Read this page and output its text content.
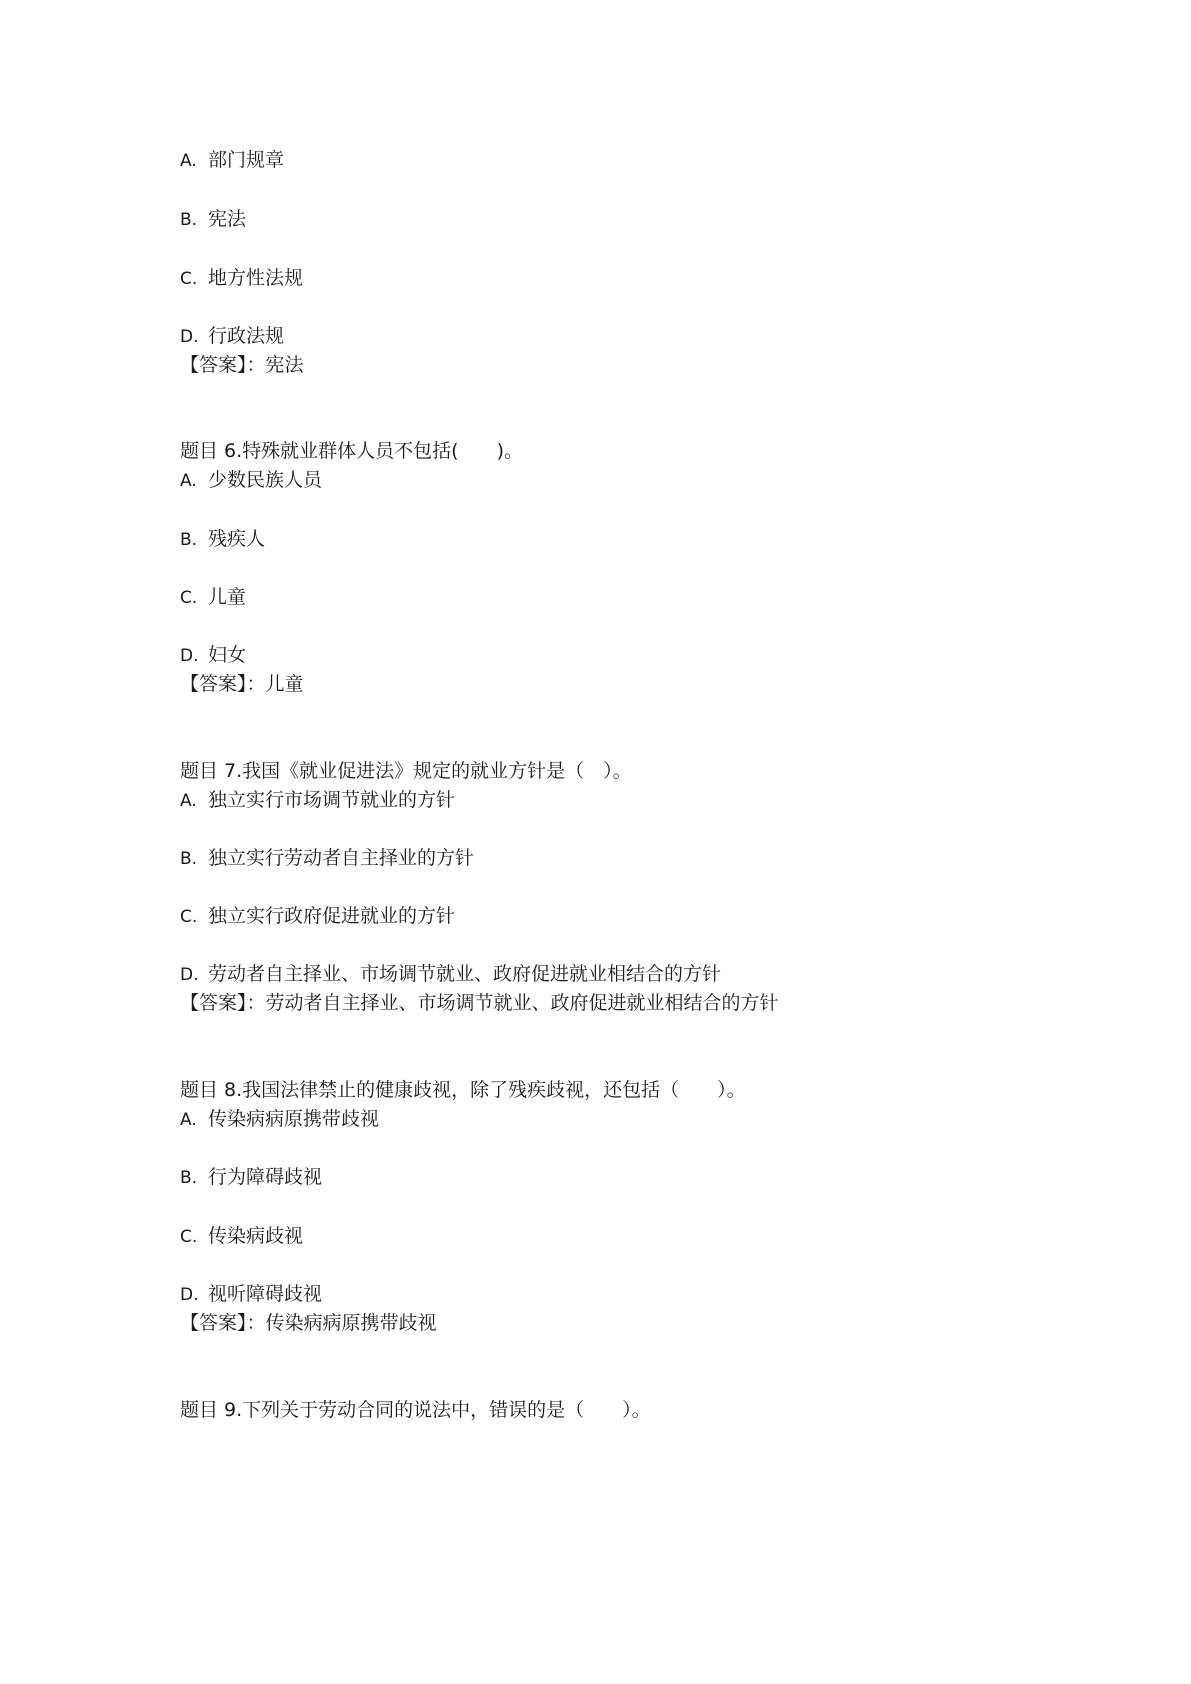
A. 部门规章
B. 宪法
C. 地方性法规
D. 行政法规
【答案】：宪法
题目 6.特殊就业群体人员不包括(　　)。
A. 少数民族人员
B. 残疾人
C. 儿童
D. 妇女
【答案】：儿童
题目 7.我国《就业促进法》规定的就业方针是（　）。
A. 独立实行市场调节就业的方针
B. 独立实行劳动者自主择业的方针
C. 独立实行政府促进就业的方针
D. 劳动者自主择业、市场调节就业、政府促进就业相结合的方针
【答案】：劳动者自主择业、市场调节就业、政府促进就业相结合的方针
题目 8.我国法律禁止的健康歧视，除了残疾歧视，还包括（　　）。
A. 传染病病原携带歧视
B. 行为障碍歧视
C. 传染病歧视
D. 视听障碍歧视
【答案】：传染病病原携带歧视
题目 9.下列关于劳动合同的说法中，错误的是（　　）。
